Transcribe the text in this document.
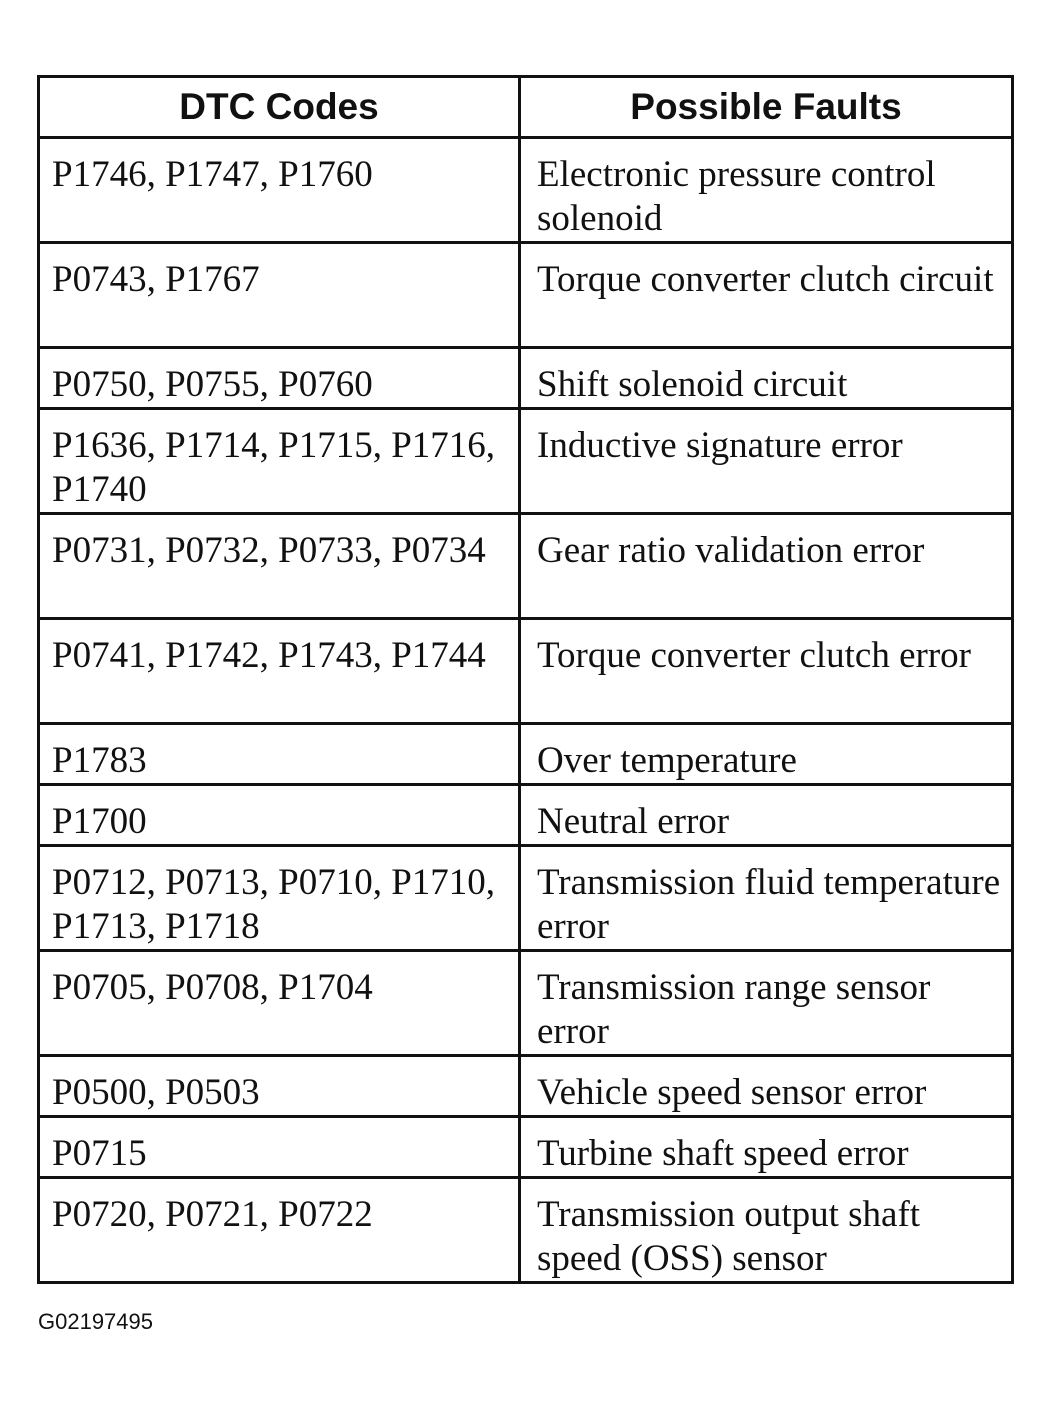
DTC Codes	Possible Faults
P1746, P1747, P1760	Electronic pressure control solenoid
P0743, P1767	Torque converter clutch circuit
P0750, P0755, P0760	Shift solenoid circuit
P1636, P1714, P1715, P1716, P1740	Inductive signature error
P0731, P0732, P0733, P0734	Gear ratio validation error
P0741, P1742, P1743, P1744	Torque converter clutch error
P1783	Over temperature
P1700	Neutral error
P0712, P0713, P0710, P1710, P1713, P1718	Transmission fluid temperature error
P0705, P0708, P1704	Transmission range sensor error
P0500, P0503	Vehicle speed sensor error
P0715	Turbine shaft speed error
P0720, P0721, P0722	Transmission output shaft speed (OSS) sensor
G02197495
